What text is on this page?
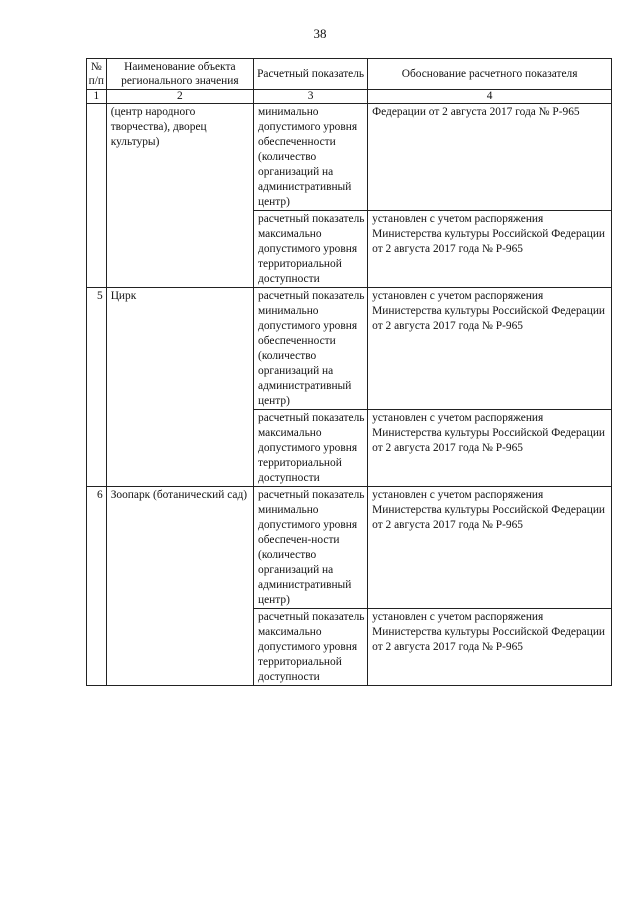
38
№ п/п	Наименование объекта регионального значения	Расчетный показатель	Обоснование расчетного показателя
1	2	3	4
	(центр народного творчества), дворец культуры)	минимально допустимого уровня обеспеченности (количество организаций на административный центр)	Федерации от 2 августа 2017 года № Р-965
		расчетный показатель максимально допустимого уровня территориальной доступности	установлен с учетом распоряжения Министерства культуры Российской Федерации от 2 августа 2017 года № Р-965
5	Цирк	расчетный показатель минимально допустимого уровня обеспеченности (количество организаций на административный центр)	установлен с учетом распоряжения Министерства культуры Российской Федерации от 2 августа 2017 года № Р-965
		расчетный показатель максимально допустимого уровня территориальной доступности	установлен с учетом распоряжения Министерства культуры Российской Федерации от 2 августа 2017 года № Р-965
6	Зоопарк (ботанический сад)	расчетный показатель минимально допустимого уровня обеспечен-ности (количество организаций на административный центр)	установлен с учетом распоряжения Министерства культуры Российской Федерации от 2 августа 2017 года № Р-965
		расчетный показатель максимально допустимого уровня территориальной доступности	установлен с учетом распоряжения Министерства культуры Российской Федерации от 2 августа 2017 года № Р-965
